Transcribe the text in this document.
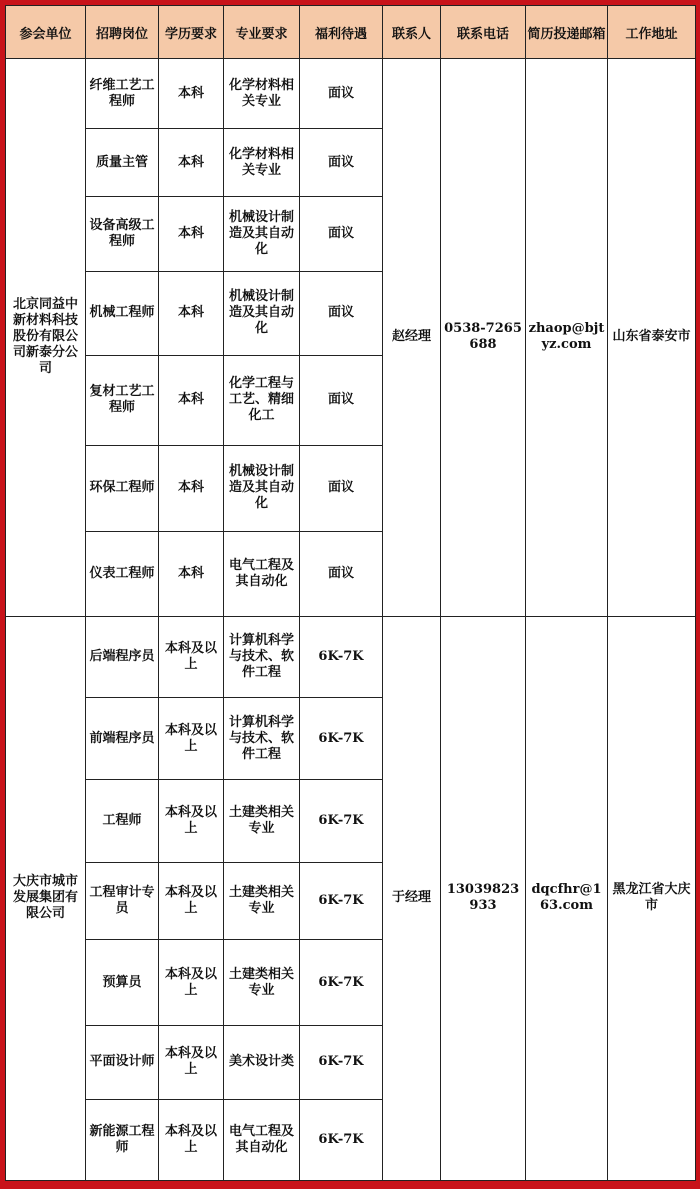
参会单位	招聘岗位	学历要求	专业要求	福利待遇	联系人	联系电话	简历投递邮箱	工作地址
北京同益中新材料科技股份有限公司新泰分公司	纤维工艺工程师	本科	化学材料相关专业	面议	赵经理	0538-7265688	zhaop@bjtyz.com	山东省泰安市
	质量主管	本科	化学材料相关专业	面议				
	设备高级工程师	本科	机械设计制造及其自动化	面议				
	机械工程师	本科	机械设计制造及其自动化	面议				
	复材工艺工程师	本科	化学工程与工艺、精细化工	面议				
	环保工程师	本科	机械设计制造及其自动化	面议				
	仪表工程师	本科	电气工程及其自动化	面议				
大庆市城市发展集团有限公司	后端程序员	本科及以上	计算机科学与技术、软件工程	6K-7K	于经理	13039823933	dqcfhr@163.com	黑龙江省大庆市
	前端程序员	本科及以上	计算机科学与技术、软件工程	6K-7K				
	工程师	本科及以上	土建类相关专业	6K-7K				
	工程审计专员	本科及以上	土建类相关专业	6K-7K				
	预算员	本科及以上	土建类相关专业	6K-7K				
	平面设计师	本科及以上	美术设计类	6K-7K				
	新能源工程师	本科及以上	电气工程及其自动化	6K-7K				
